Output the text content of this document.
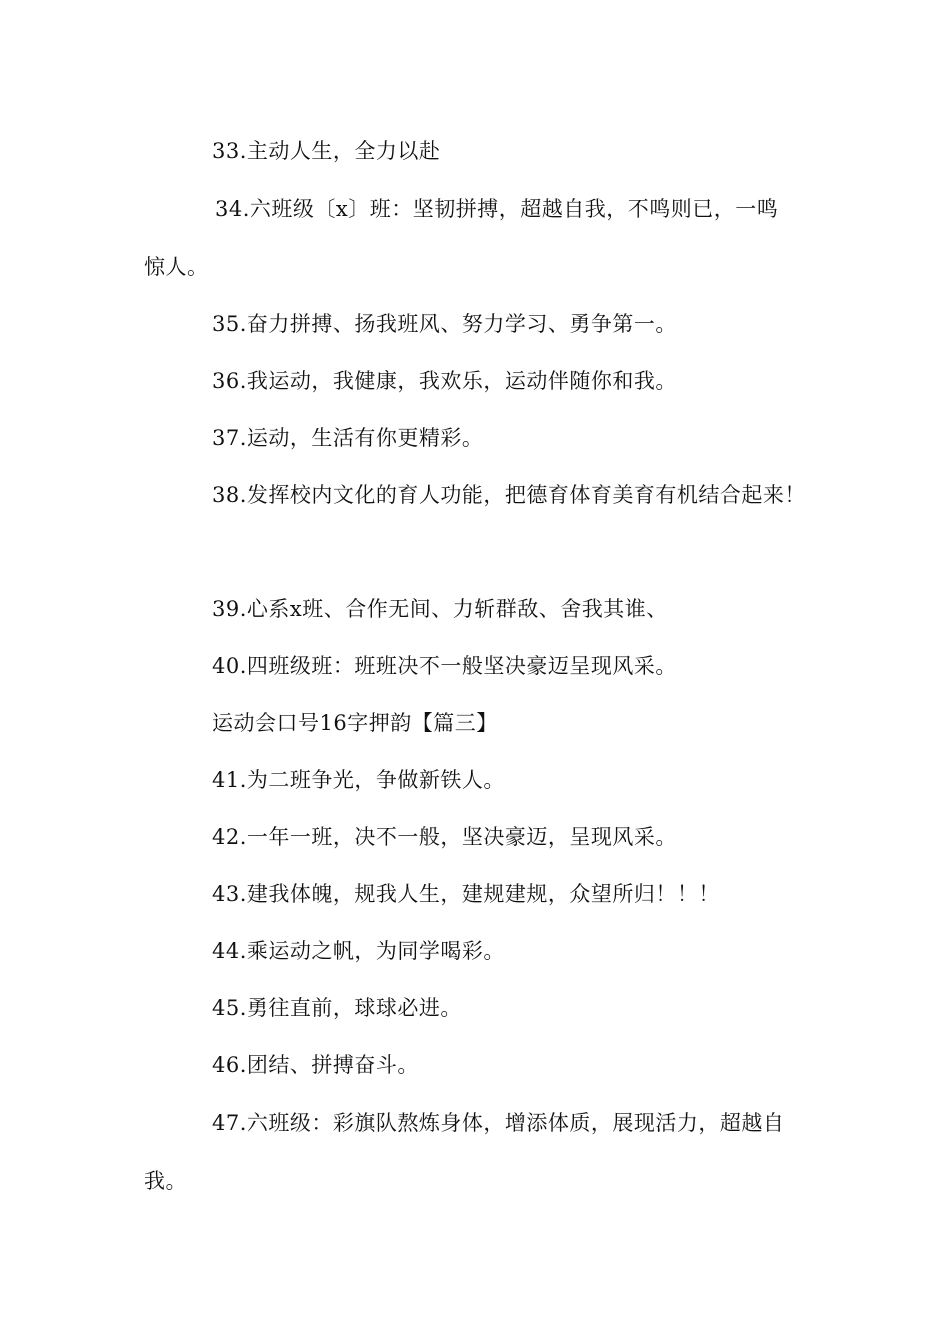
33.主动人生，全力以赴
34.六班级〔x〕班：坚韧拼搏，超越自我，不鸣则已，一鸣
惊人。
35.奋力拼搏、扬我班风、努力学习、勇争第一。
36.我运动，我健康，我欢乐，运动伴随你和我。
37.运动，生活有你更精彩。
38.发挥校内文化的育人功能，把德育体育美育有机结合起来！
39.心系x班、合作无间、力斩群敌、舍我其谁、
40.四班级班：班班决不一般坚决豪迈呈现风采。
运动会口号16字押韵【篇三】
41.为二班争光，争做新铁人。
42.一年一班，决不一般，坚决豪迈，呈现风采。
43.建我体魄，规我人生，建规建规，众望所归！！！
44.乘运动之帆，为同学喝彩。
45.勇往直前，球球必进。
46.团结、拼搏奋斗。
47.六班级：彩旗队熬炼身体，增添体质，展现活力，超越自
我。
